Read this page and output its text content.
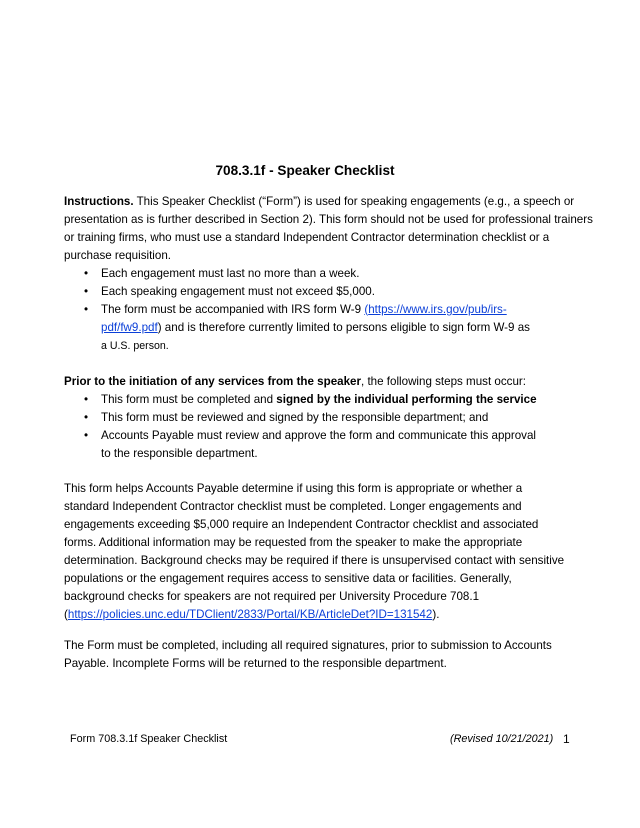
708.3.1f - Speaker Checklist

Instructions. This Speaker Checklist (“Form”) is used for speaking engagements (e.g., a speech or presentation as is further described in Section 2). This form should not be used for professional trainers or training firms, who must use a standard Independent Contractor determination checklist or a purchase requisition.

• Each engagement must last no more than a week.
• Each speaking engagement must not exceed $5,000.
• The form must be accompanied with IRS form W-9 (https://www.irs.gov/pub/irs-pdf/fw9.pdf) and is therefore currently limited to persons eligible to sign form W-9 as
a U.S. person.

Prior to the initiation of any services from the speaker, the following steps must occur:

• This form must be completed and signed by the individual performing the service
• This form must be reviewed and signed by the responsible department; and
• Accounts Payable must review and approve the form and communicate this approval to the responsible department.

This form helps Accounts Payable determine if using this form is appropriate or whether a standard Independent Contractor checklist must be completed. Longer engagements and engagements exceeding $5,000 require an Independent Contractor checklist and associated forms. Additional information may be requested from the speaker to make the appropriate determination. Background checks may be required if there is unsupervised contact with sensitive populations or the engagement requires access to sensitive data or facilities. Generally, background checks for speakers are not required per University Procedure 708.1 (https://policies.unc.edu/TDClient/2833/Portal/KB/ArticleDet?ID=131542).

The Form must be completed, including all required signatures, prior to submission to Accounts Payable. Incomplete Forms will be returned to the responsible department.

Form 708.3.1f Speaker Checklist	(Revised 10/21/2021) 1
